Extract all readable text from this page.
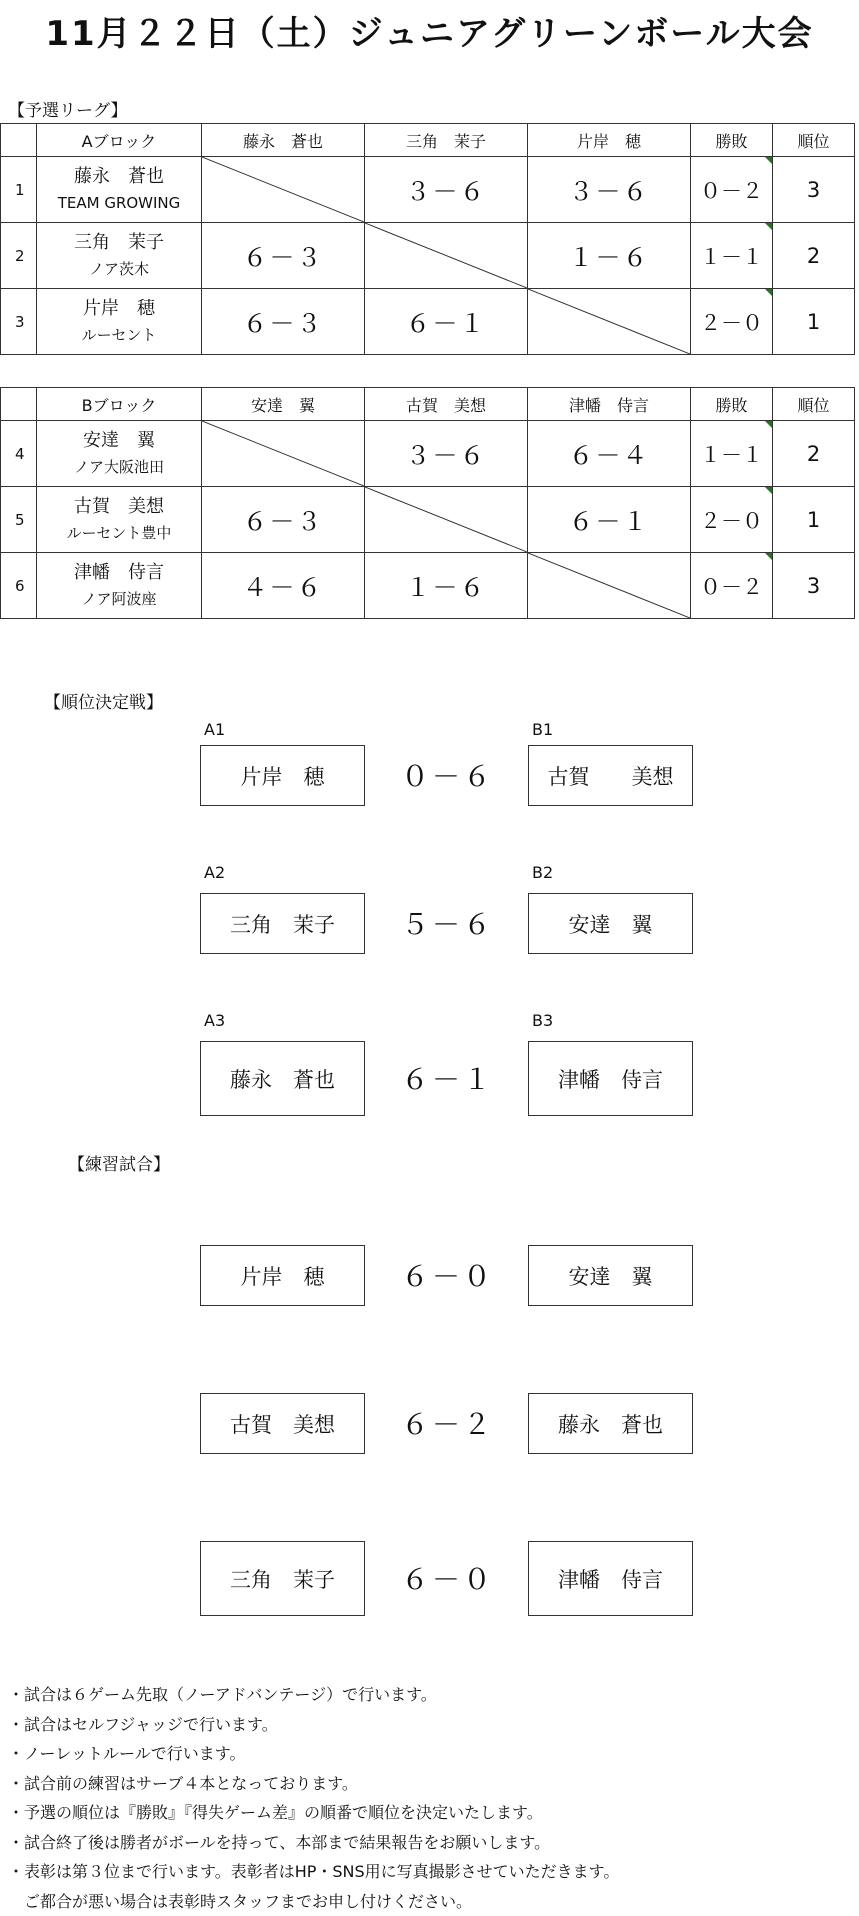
11月２２日（土）ジュニアグリーンボール大会
【予選リーグ】
	Aブロック	藤永　蒼也	三角　茉子	片岸　穂	勝敗	順位
1	藤永　蒼也
TEAM GROWING		３－６	３－６	０－２	3
2	三角　茉子
ノア茨木	６－３		１－６	１－１	2
3	片岸　穂
ルーセント	６－３	６－１		２－０	1
	Bブロック	安達　翼	古賀　美想	津幡　侍言	勝敗	順位
4	安達　翼
ノア大阪池田		３－６	６－４	１－１	2
5	古賀　美想
ルーセント豊中	６－３		６－１	２－０	1
6	津幡　侍言
ノア阿波座	４－６	１－６		０－２	3
【順位決定戦】
A1	B1
片岸　穂	０－６	古賀　　美想
A2	B2
三角　茉子	５－６	安達　翼
A3	B3
藤永　蒼也	６－１	津幡　侍言
【練習試合】
片岸　穂	６－０	安達　翼
古賀　美想	６－２	藤永　蒼也
三角　茉子	６－０	津幡　侍言
・試合は６ゲーム先取（ノーアドバンテージ）で行います。
・試合はセルフジャッジで行います。
・ノーレットルールで行います。
・試合前の練習はサーブ４本となっております。
・予選の順位は『勝敗』『得失ゲーム差』の順番で順位を決定いたします。
・試合終了後は勝者がボールを持って、本部まで結果報告をお願いします。
・表彰は第３位まで行います。表彰者はHP・SNS用に写真撮影させていただきます。
　ご都合が悪い場合は表彰時スタッフまでお申し付けください。
